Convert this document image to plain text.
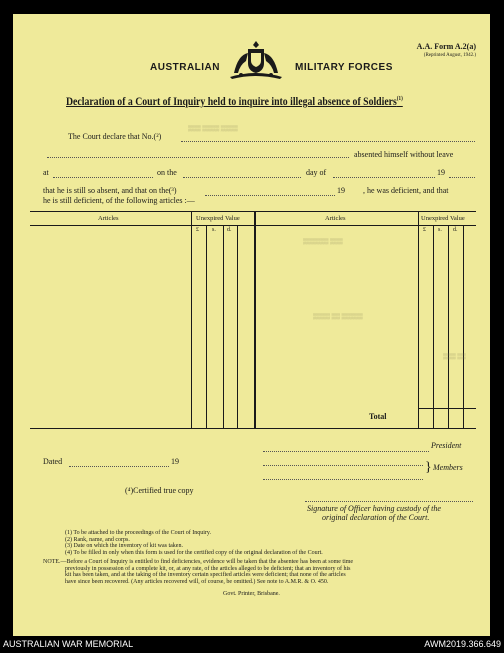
A.A. Form A.2(a)
(Reprinted August, 1942.)
AUSTRALIAN	MILITARY FORCES
Declaration of a Court of Inquiry held to inquire into illegal absence of Soldiers$^{(1)}$
The Court declare that No.(²)
absented himself without leave
at	on the	day of	19
that he is still so absent, and that on the(³)	19 , he was deficient, and that
he is still deficient, of the following articles :—
Articles	Unexpired Value	Articles	Unexpired Value
£ s. d.	£ s. d.
Total
▒▒▒ ▒▒▒▒ ▒▒▒▒
▒▒▒▒▒▒ ▒▒▒
▒▒▒▒ ▒▒ ▒▒▒▒▒
▒▒▒ ▒▒
President
} Members
Dated	19
(⁴)Certified true copy
Signature of Officer having custody of the
original declaration of the Court.
(1) To be attached to the proceedings of the Court of Inquiry.
(2) Rank, name, and corps.
(3) Date on which the inventory of kit was taken.
(4) To be filled in only when this form is used for the certified copy of the original declaration of the Court.
NOTE.—Before a Court of Inquiry is entitled to find deficiencies, evidence will be taken that the absentee has been at some time
previously in possession of a complete kit, or, at any rate, of the articles alleged to be deficient; that an inventory of his
kit has been taken, and at the taking of the inventory certain specified articles were deficient; that none of the articles
have since been recovered. (Any articles recovered will, of course, be omitted.) See note to A.M.R. & O. 450.
Govt. Printer, Brisbane.
AUSTRALIAN WAR MEMORIAL	AWM2019.366.649
